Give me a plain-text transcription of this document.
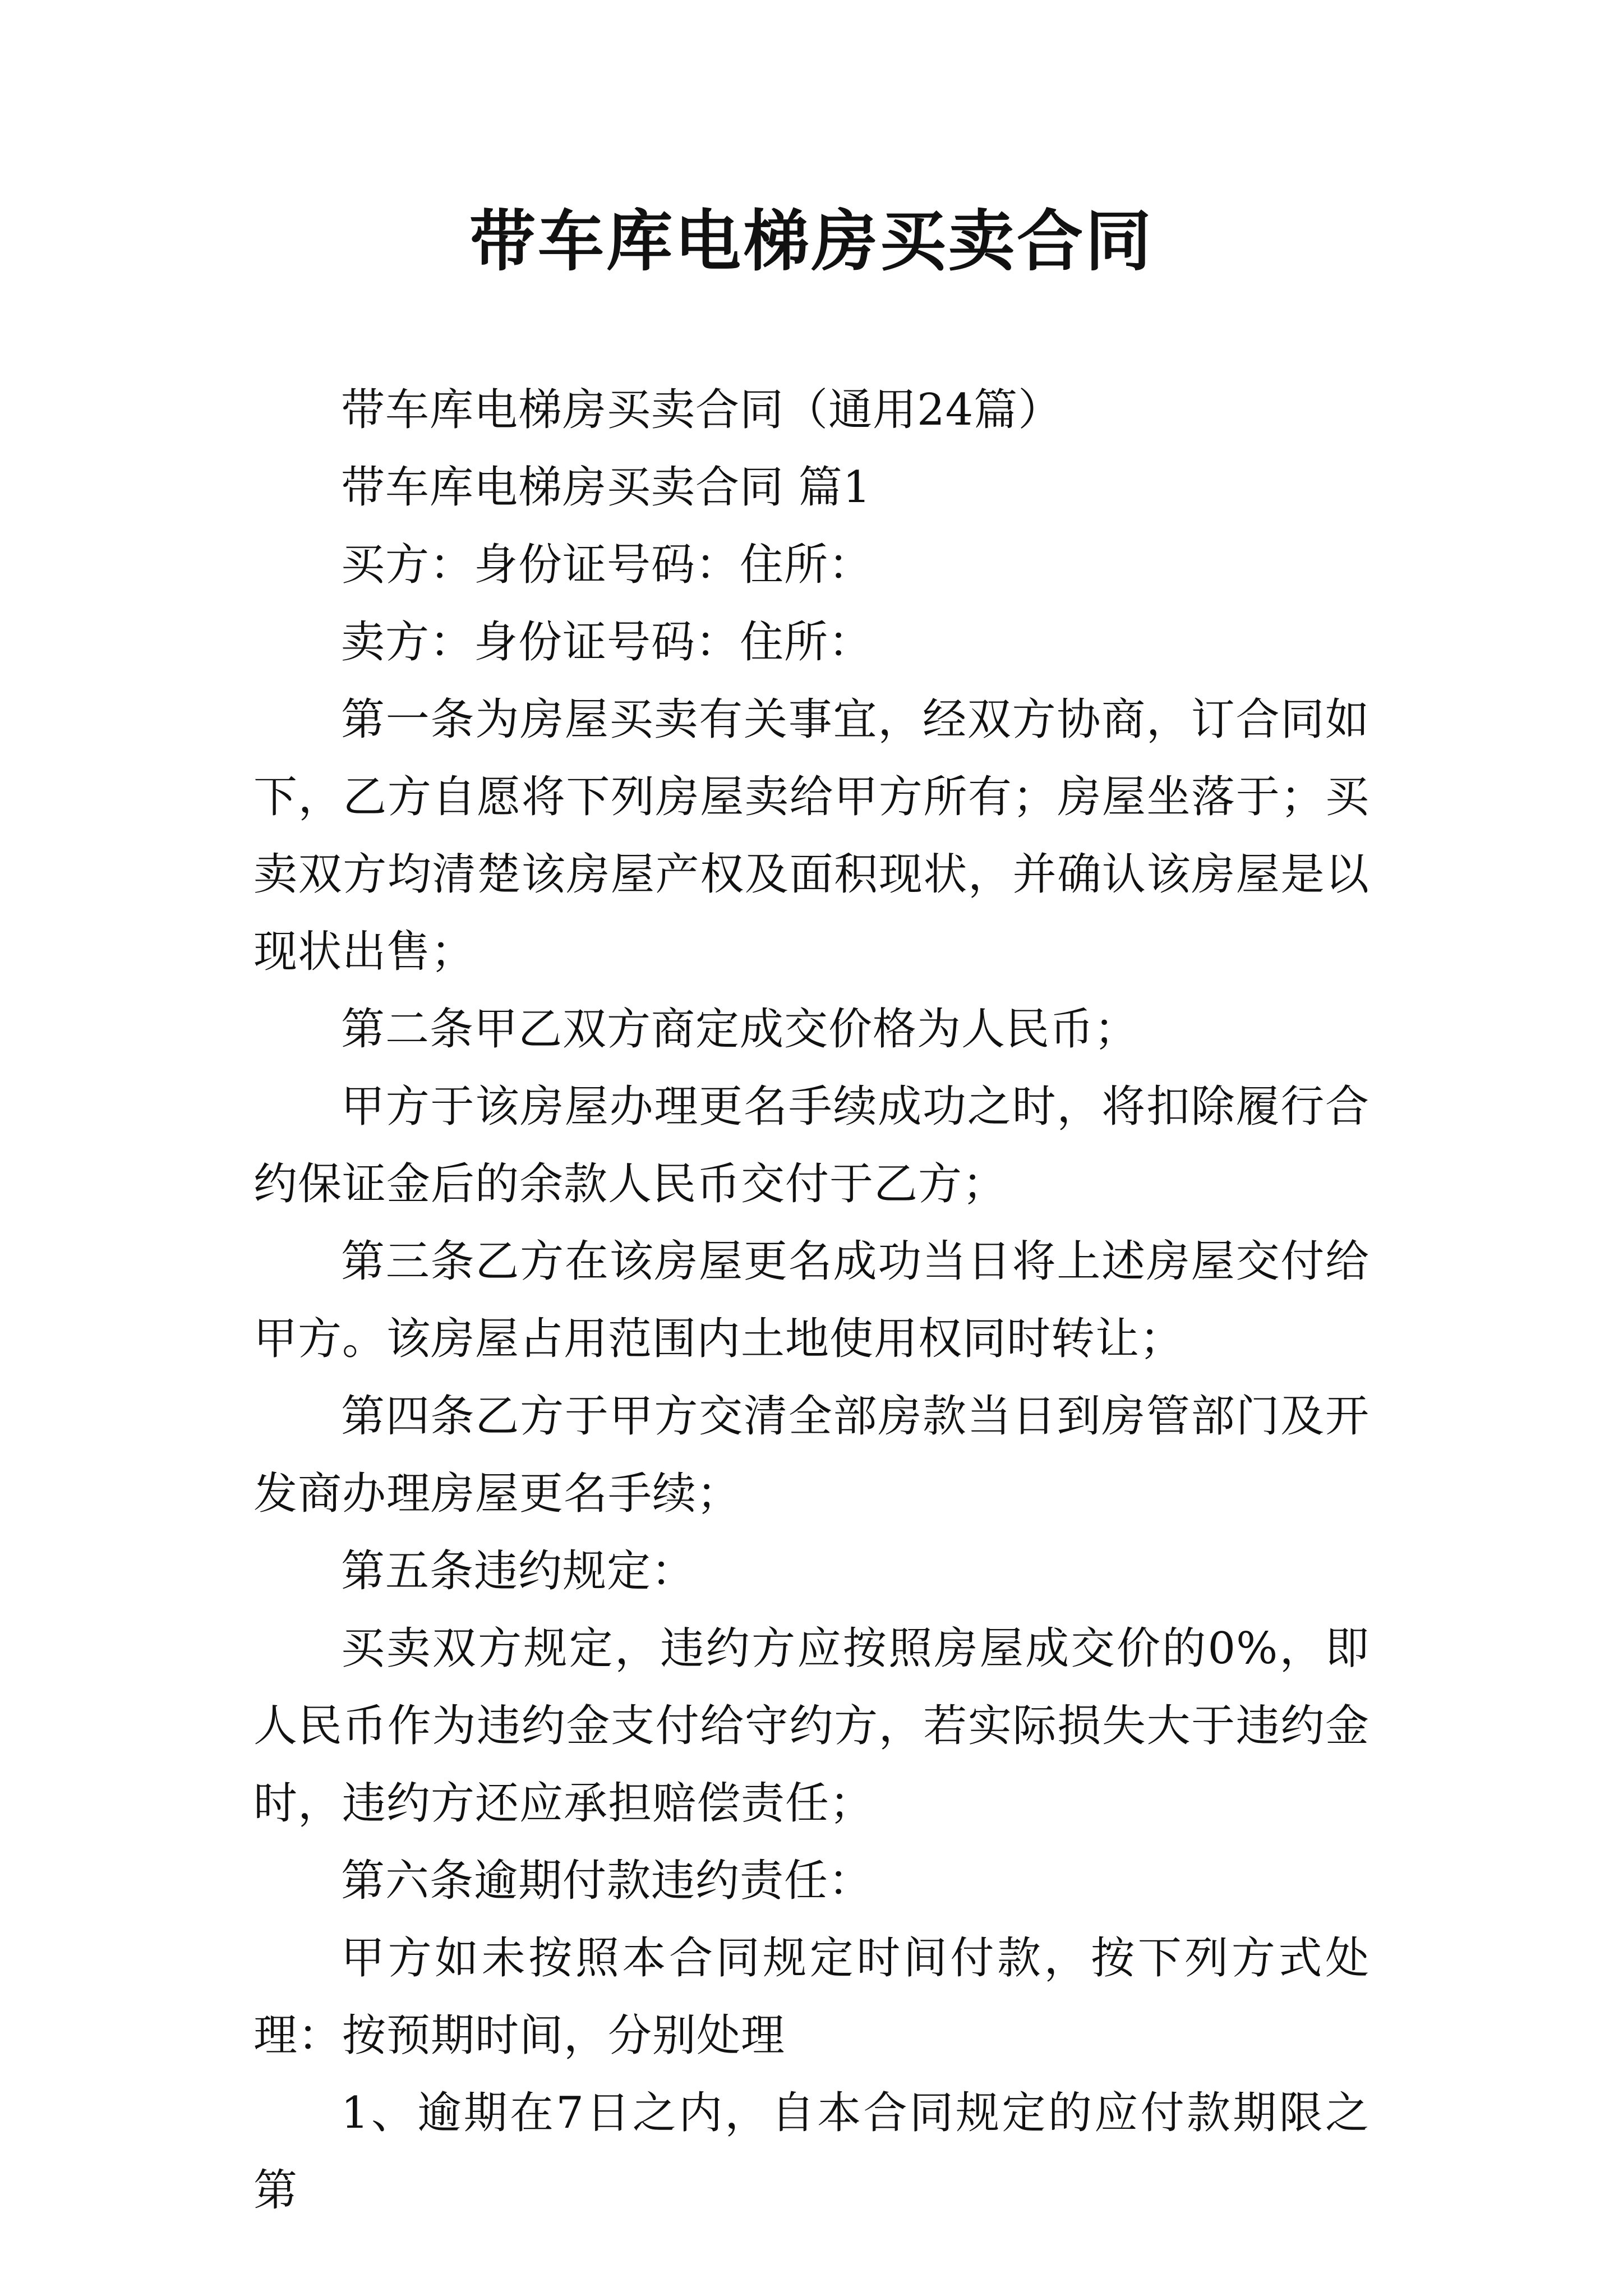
带车库电梯房买卖合同

带车库电梯房买卖合同（通用24篇）

带车库电梯房买卖合同 篇1

买方：身份证号码：住所：

卖方：身份证号码：住所：

第一条为房屋买卖有关事宜，经双方协商，订合同如下，乙方自愿将下列房屋卖给甲方所有；房屋坐落于；买卖双方均清楚该房屋产权及面积现状，并确认该房屋是以现状出售；

第二条甲乙双方商定成交价格为人民币；

甲方于该房屋办理更名手续成功之时，将扣除履行合约保证金后的余款人民币交付于乙方；

第三条乙方在该房屋更名成功当日将上述房屋交付给甲方。该房屋占用范围内土地使用权同时转让；

第四条乙方于甲方交清全部房款当日到房管部门及开发商办理房屋更名手续；

第五条违约规定：

买卖双方规定，违约方应按照房屋成交价的0%，即人民币作为违约金支付给守约方，若实际损失大于违约金时，违约方还应承担赔偿责任；

第六条逾期付款违约责任：

甲方如未按照本合同规定时间付款，按下列方式处理：按预期时间，分别处理

1、逾期在7日之内，自本合同规定的应付款期限之第
